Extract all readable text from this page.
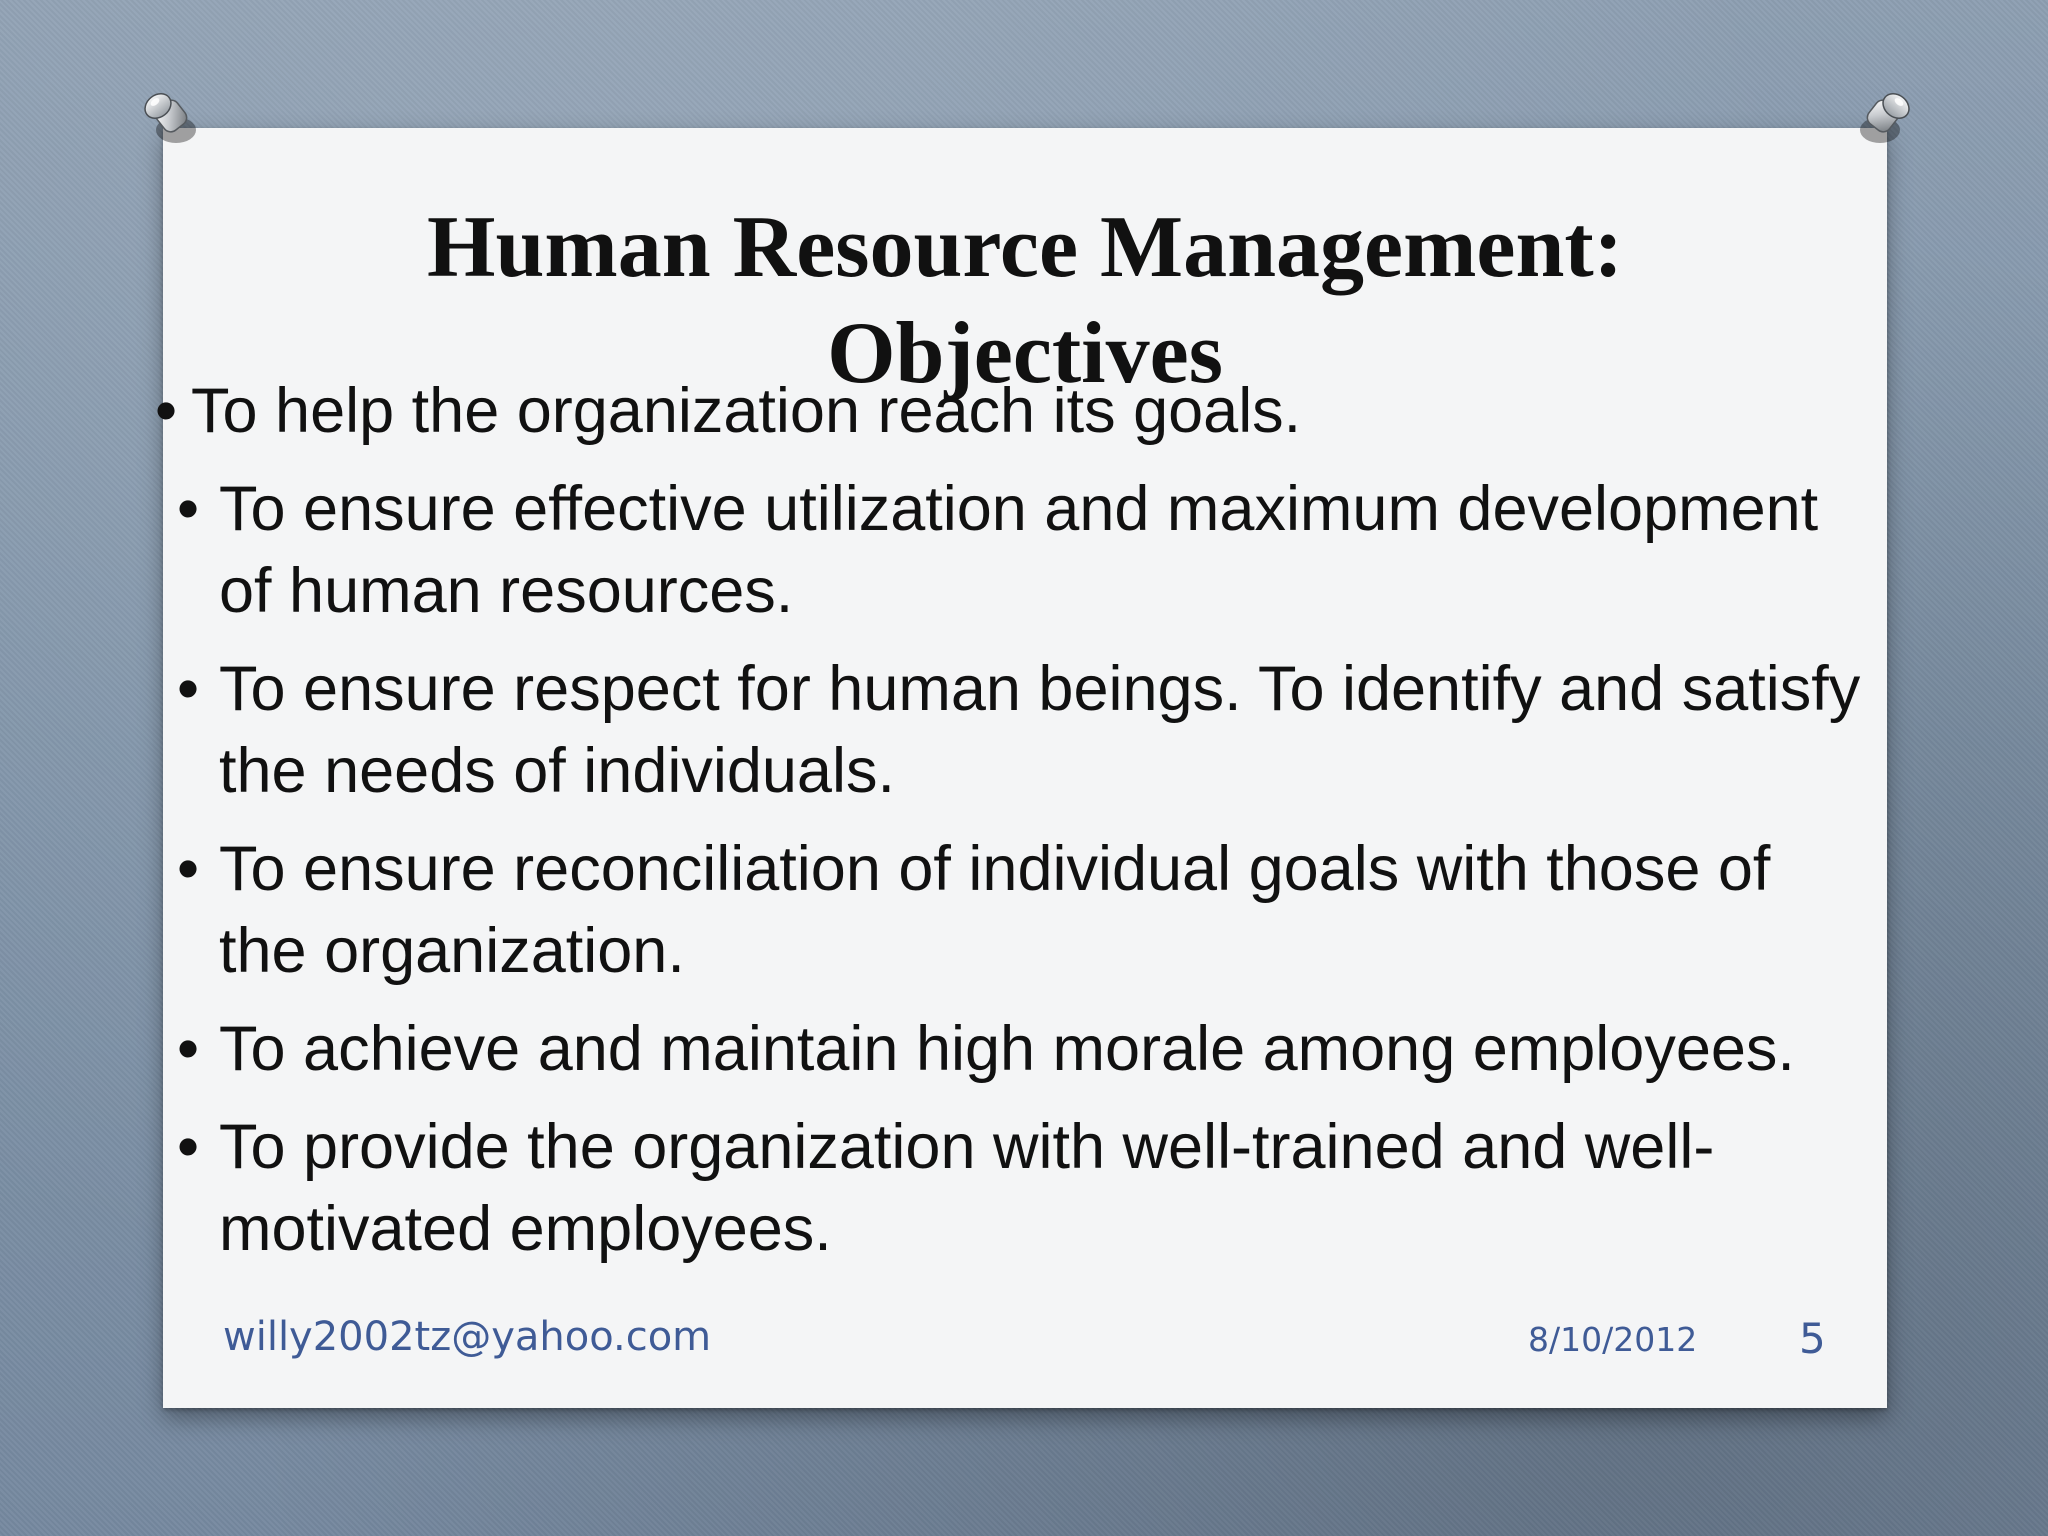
Human Resource Management:
Objectives
• To help the organization reach its goals.
• To ensure effective utilization and maximum development of human resources.
• To ensure respect for human beings. To identify and satisfy the needs of individuals.
• To ensure reconciliation of individual goals with those of the organization.
• To achieve and maintain high morale among employees.
• To provide the organization with well-trained and well-motivated employees.
willy2002tz@yahoo.com	8/10/2012 5
